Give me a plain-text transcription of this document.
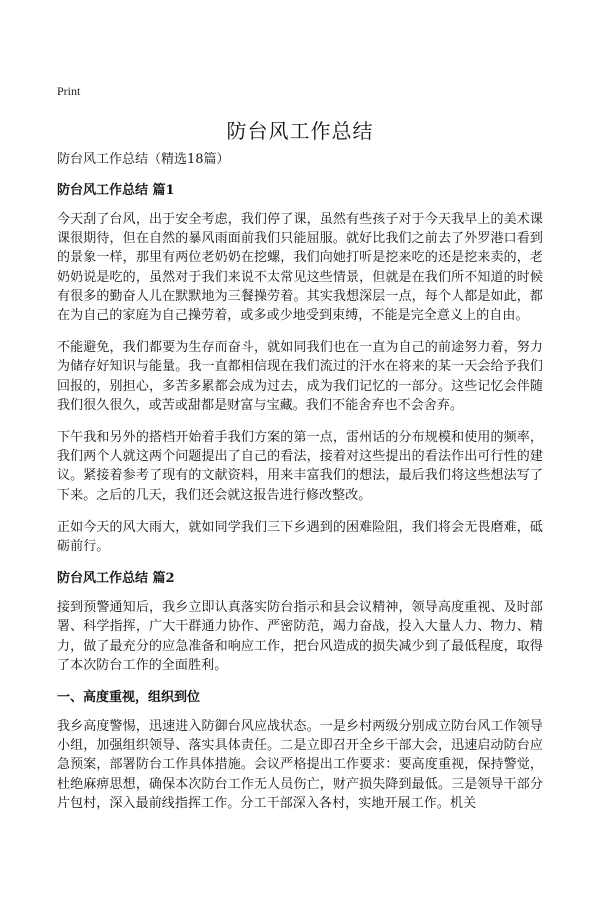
Print
防台风工作总结

防台风工作总结（精选18篇）

防台风工作总结 篇1

今天刮了台风，出于安全考虑，我们停了课，虽然有些孩子对于今天我早上的美术课课很期待，但在自然的暴风雨面前我们只能屈服。就好比我们之前去了外罗港口看到的景象一样，那里有两位老奶奶在挖螺，我们向她打听是挖来吃的还是挖来卖的，老奶奶说是吃的，虽然对于我们来说不太常见这些情景，但就是在我们所不知道的时候有很多的勤奋人儿在默默地为三餐操劳着。其实我想深层一点，每个人都是如此，都在为自己的家庭为自己操劳着，或多或少地受到束缚，不能是完全意义上的自由。

不能避免，我们都要为生存而奋斗，就如同我们也在一直为自己的前途努力着，努力为储存好知识与能量。我一直都相信现在我们流过的汗水在将来的某一天会给予我们回报的，别担心，多苦多累都会成为过去，成为我们记忆的一部分。这些记忆会伴随我们很久很久，或苦或甜都是财富与宝藏。我们不能舍弃也不会舍弃。

下午我和另外的搭档开始着手我们方案的第一点，雷州话的分布规模和使用的频率，我们两个人就这两个问题提出了自己的看法，接着对这些提出的看法作出可行性的建议。紧接着参考了现有的文献资料，用来丰富我们的想法，最后我们将这些想法写了下来。之后的几天，我们还会就这报告进行修改整改。

正如今天的风大雨大，就如同学我们三下乡遇到的困难险阻，我们将会无畏磨难，砥砺前行。

防台风工作总结 篇2

接到预警通知后，我乡立即认真落实防台指示和县会议精神，领导高度重视、及时部署、科学指挥，广大干群通力协作、严密防范，竭力奋战，投入大量人力、物力、精力，做了最充分的应急准备和响应工作，把台风造成的损失减少到了最低程度，取得了本次防台工作的全面胜利。

一、高度重视，组织到位

我乡高度警惕，迅速进入防御台风应战状态。一是乡村两级分别成立防台风工作领导小组，加强组织领导、落实具体责任。二是立即召开全乡干部大会，迅速启动防台应急预案，部署防台工作具体措施。会议严格提出工作要求：要高度重视，保持警觉，杜绝麻痹思想，确保本次防台工作无人员伤亡，财产损失降到最低。三是领导干部分片包村，深入最前线指挥工作。分工干部深入各村，实地开展工作。机关
